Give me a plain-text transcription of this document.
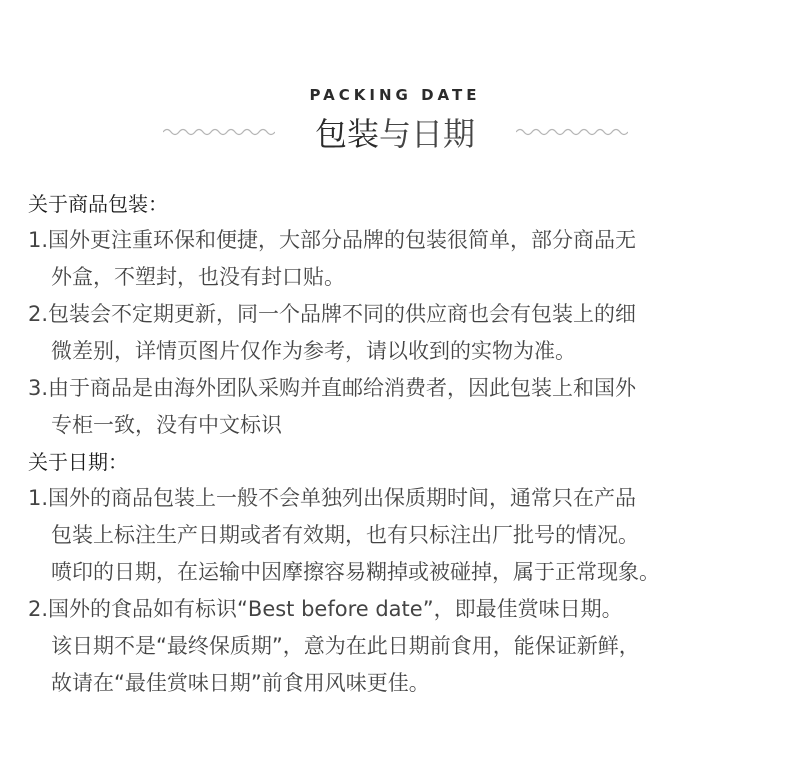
PACKING DATE
包装与日期
关于商品包装：
1.国外更注重环保和便捷，大部分品牌的包装很简单，部分商品无
外盒，不塑封，也没有封口贴。
2.包装会不定期更新，同一个品牌不同的供应商也会有包装上的细
微差别，详情页图片仅作为参考，请以收到的实物为准。
3.由于商品是由海外团队采购并直邮给消费者，因此包装上和国外
专柜一致，没有中文标识
关于日期：
1.国外的商品包装上一般不会单独列出保质期时间，通常只在产品
包装上标注生产日期或者有效期，也有只标注出厂批号的情况。
喷印的日期，在运输中因摩擦容易糊掉或被碰掉，属于正常现象。
2.国外的食品如有标识“Best before date”，即最佳赏味日期。
该日期不是“最终保质期”，意为在此日期前食用，能保证新鲜，
故请在“最佳赏味日期”前食用风味更佳。
